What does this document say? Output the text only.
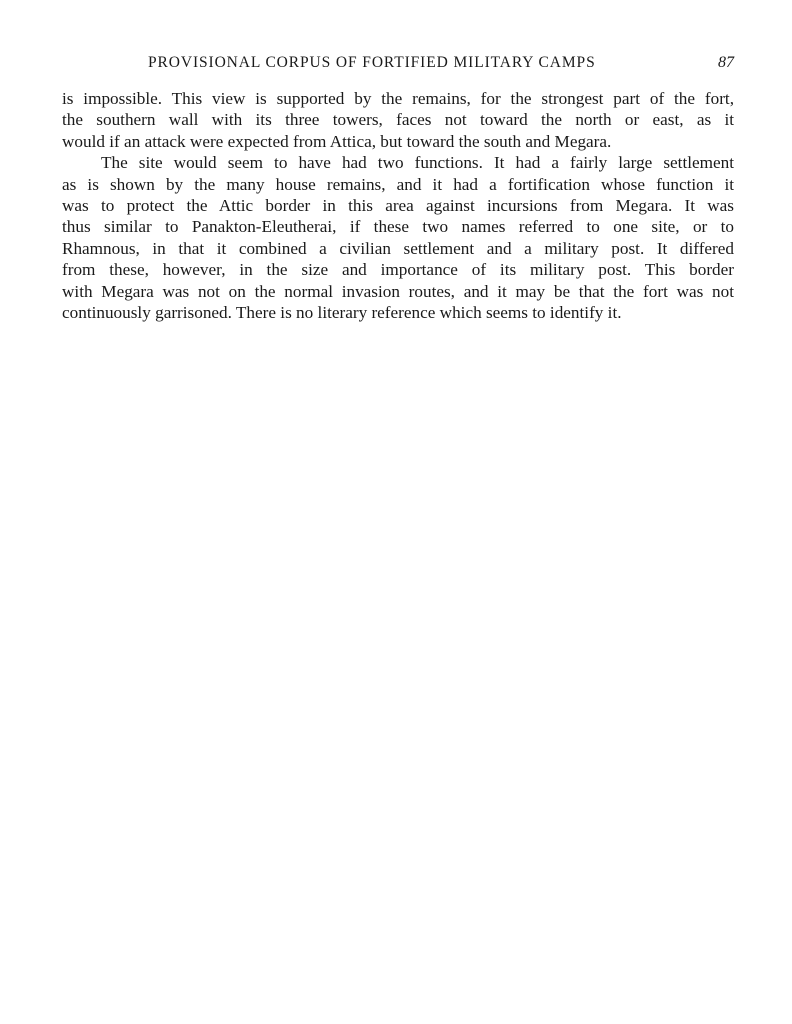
PROVISIONAL CORPUS OF FORTIFIED MILITARY CAMPS	87
is impossible. This view is supported by the remains, for the strongest part of the fort,
the southern wall with its three towers, faces not toward the north or east, as it
would if an attack were expected from Attica, but toward the south and Megara.
The site would seem to have had two functions. It had a fairly large settlement
as is shown by the many house remains, and it had a fortification whose function it
was to protect the Attic border in this area against incursions from Megara. It was
thus similar to Panakton-Eleutherai, if these two names referred to one site, or to
Rhamnous, in that it combined a civilian settlement and a military post. It differed
from these, however, in the size and importance of its military post. This border
with Megara was not on the normal invasion routes, and it may be that the fort was not
continuously garrisoned. There is no literary reference which seems to identify it.
